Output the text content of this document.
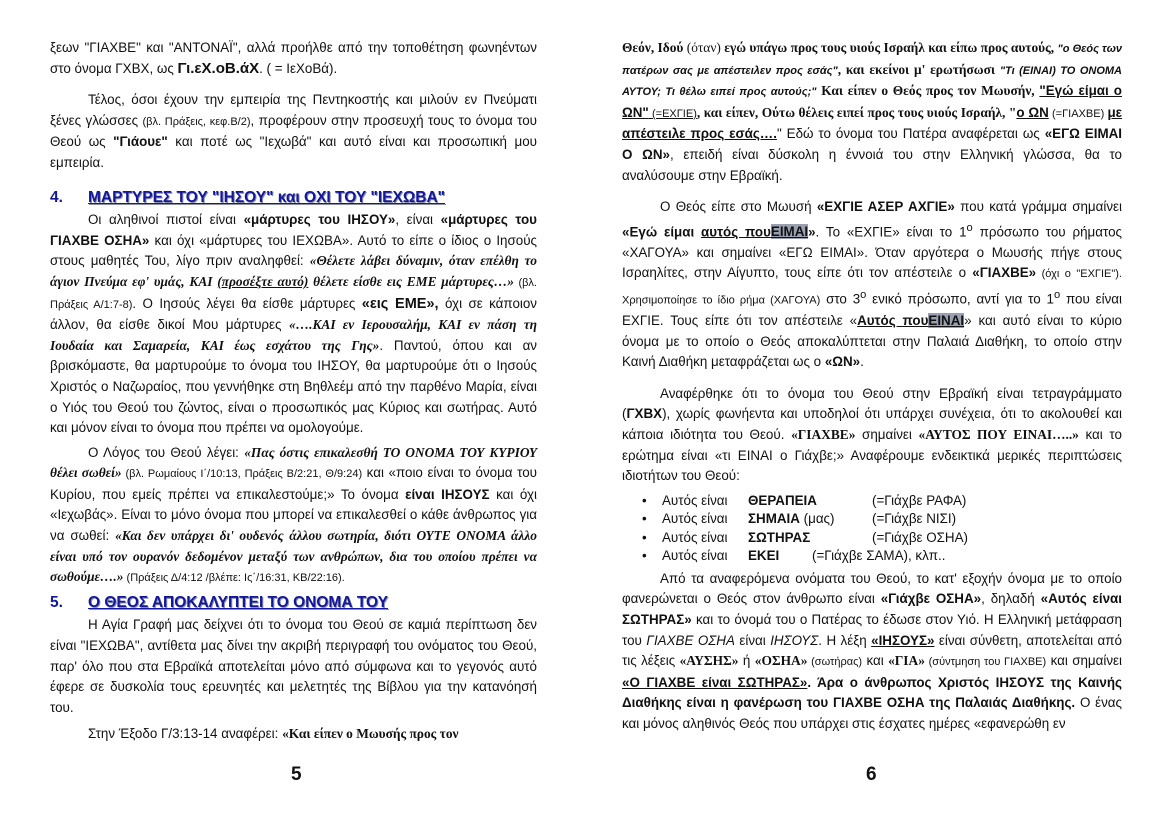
ξεων "ΓΙΑΧΒΕ" και "ΑΝΤΟΝΑΪ", αλλά προήλθε από την τοποθέτηση φωνηέντων στο όνομα ΓΧΒΧ, ως Γι.εΧ.οΒ.άΧ. ( = ΙεΧοΒά).

Τέλος, όσοι έχουν την εμπειρία της Πεντηκοστής και μιλούν εν Πνεύματι ξένες γλώσσες (βλ. Πράξεις, κεφ.Β/2), προφέρουν στην προσευχή τους το όνομα του Θεού ως "Γιάουε" και ποτέ ως "Ιεχωβά" και αυτό είναι και προσωπική μου εμπειρία.

4. ΜΑΡΤΥΡΕΣ ΤΟΥ "ΙΗΣΟΥ" και ΟΧΙ ΤΟΥ "ΙΕΧΩΒΑ"

Οι αληθινοί πιστοί είναι «μάρτυρες του ΙΗΣΟΥ», είναι «μάρτυρες του ΓΙΑΧΒΕ ΟΣΗΑ» και όχι «μάρτυρες του ΙΕΧΩΒΑ». Αυτό το είπε ο ίδιος ο Ιησούς στους μαθητές Του, λίγο πριν αναληφθεί: «Θέλετε λάβει δύναμιν, όταν επέλθη το άγιον Πνεύμα εφ' υμάς, ΚΑΙ (προσέξτε αυτό) θέλετε είσθε εις ΕΜΕ μάρτυρες…» (βλ. Πράξεις Α/1:7-8). Ο Ιησούς λέγει θα είσθε μάρτυρες «εις ΕΜΕ», όχι σε κάποιον άλλον, θα είσθε δικοί Μου μάρτυρες «….ΚΑΙ εν Ιερουσαλήμ, ΚΑΙ εν πάση τη Ιουδαία και Σαμαρεία, ΚΑΙ έως εσχάτου της Γης». Παντού, όπου και αν βρισκόμαστε, θα μαρτυρούμε το όνομα του ΙΗΣΟΥ, θα μαρτυρούμε ότι ο Ιησούς Χριστός ο Ναζωραίος, που γεννήθηκε στη Βηθλεέμ από την παρθένο Μαρία, είναι ο Υιός του Θεού του ζώντος, είναι ο προσωπικός μας Κύριος και σωτήρας. Αυτό και μόνον είναι το όνομα που πρέπει να ομολογούμε.

Ο Λόγος του Θεού λέγει: «Πας όστις επικαλεσθή ΤΟ ΟΝΟΜΑ ΤΟΥ ΚΥΡΙΟΥ θέλει σωθεί» (βλ. Ρωμαίους Ι΄/10:13, Πράξεις Β/2:21, Θ/9:24) και «ποιο είναι το όνομα του Κυρίου, που εμείς πρέπει να επικαλεστούμε;» Το όνομα είναι ΙΗΣΟΥΣ και όχι «Ιεχωβάς». Είναι το μόνο όνομα που μπορεί να επικαλεσθεί ο κάθε άνθρωπος για να σωθεί: «Και δεν υπάρχει δι' ουδενός άλλου σωτηρία, διότι ΟΥΤΕ ΟΝΟΜΑ άλλο είναι υπό τον ουρανόν δεδομένον μεταξύ των ανθρώπων, δια του οποίου πρέπει να σωθούμε….» (Πράξεις Δ/4:12 /βλέπε: Ις΄/16:31, ΚΒ/22:16).

5. Ο ΘΕΟΣ ΑΠΟΚΑΛΥΠΤΕΙ ΤΟ ΟΝΟΜΑ ΤΟΥ

Η Αγία Γραφή μας δείχνει ότι το όνομα του Θεού σε καμιά περίπτωση δεν είναι "ΙΕΧΩΒΑ", αντίθετα μας δίνει την ακριβή περιγραφή του ονόματος του Θεού, παρ' όλο που στα Εβραϊκά αποτελείται μόνο από σύμφωνα και το γεγονός αυτό έφερε σε δυσκολία τους ερευνητές και μελετητές της Βίβλου για την κατανόησή του.

Στην Έξοδο Γ/3:13-14 αναφέρει: «Και είπεν ο Μωυσής προς τον

5

Θεόν, Ιδού (όταν) εγώ υπάγω προς τους υιούς Ισραήλ και είπω προς αυτούς, "ο Θεός των πατέρων σας με απέστειλεν προς εσάς", και εκείνοι μ' ερωτήσωσι "Τι (ΕΙΝΑΙ) ΤΟ ΟΝΟΜΑ ΑΥΤΟΥ; Τι θέλω ειπεί προς αυτούς;" Και είπεν ο Θεός προς τον Μωυσήν, "Εγώ είμαι ο ΩΝ" (=ΕΧΓΙΕ), και είπεν, Ούτω θέλεις ειπεί προς τους υιούς Ισραήλ, "ο ΩΝ (=ΓΙΑΧΒΕ) με απέστειλε προς εσάς…." Εδώ το όνομα του Πατέρα αναφέρεται ως «ΕΓΩ ΕΙΜΑΙ Ο ΩΝ», επειδή είναι δύσκολη η έννοιά του στην Ελληνική γλώσσα, θα το αναλύσουμε στην Εβραϊκή.

Ο Θεός είπε στο Μωυσή «ΕΧΓΙΕ ΑΣΕΡ ΑΧΓΙΕ» που κατά γράμμα σημαίνει «Εγώ είμαι αυτός πουΕΙΜΑΙ». Το «ΕΧΓΙΕ» είναι το $1^o$ πρόσωπο του ρήματος «ΧΑΓΟΥΑ» και σημαίνει «ΕΓΩ ΕΙΜΑΙ». Όταν αργότερα ο Μωυσής πήγε στους Ισραηλίτες, στην Αίγυπτο, τους είπε ότι τον απέστειλε ο «ΓΙΑΧΒΕ» (όχι ο "ΕΧΓΙΕ"). Χρησιμοποίησε το ίδιο ρήμα (ΧΑΓΟΥΑ) στο $3^o$ ενικό πρόσωπο, αντί για το $1^o$ που είναι ΕΧΓΙΕ. Τους είπε ότι τον απέστειλε «Αυτός πουΕΙΝΑΙ» και αυτό είναι το κύριο όνομα με το οποίο ο Θεός αποκαλύπτεται στην Παλαιά Διαθήκη, το οποίο στην Καινή Διαθήκη μεταφράζεται ως ο «ΩΝ».

Αναφέρθηκε ότι το όνομα του Θεού στην Εβραϊκή είναι τετραγράμματο (ΓΧΒΧ), χωρίς φωνήεντα και υποδηλοί ότι υπάρχει συνέχεια, ότι το ακολουθεί και κάποια ιδιότητα του Θεού. «ΓΙΑΧΒΕ» σημαίνει «ΑΥΤΟΣ ΠΟΥ ΕΙΝΑΙ…..» και το ερώτημα είναι «τι ΕΙΝΑΙ ο Γιάχβε;» Αναφέρουμε ενδεικτικά μερικές περιπτώσεις ιδιοτήτων του Θεού:

• Αυτός είναι ΘΕΡΑΠΕΙΑ	(=Γιάχβε ΡΑΦΑ)
• Αυτός είναι ΣΗΜΑΙΑ (μας)	(=Γιάχβε ΝΙΣΙ)
• Αυτός είναι ΣΩΤΗΡΑΣ	(=Γιάχβε ΟΣΗΑ)
• Αυτός είναι ΕΚΕΙ (=Γιάχβε ΣΑΜΑ), κλπ..

Από τα αναφερόμενα ονόματα του Θεού, το κατ' εξοχήν όνομα με το οποίο φανερώνεται ο Θεός στον άνθρωπο είναι «Γιάχβε ΟΣΗΑ», δηλαδή «Αυτός είναι ΣΩΤΗΡΑΣ» και το όνομά του ο Πατέρας το έδωσε στον Υιό. Η Ελληνική μετάφραση του ΓΙΑΧΒΕ ΟΣΗΑ είναι ΙΗΣΟΥΣ. Η λέξη «ΙΗΣΟΥΣ» είναι σύνθετη, αποτελείται από τις λέξεις «ΑΥΣΗΣ» ή «ΟΣΗΑ» (σωτήρας) και «ΓΙΑ» (σύντμηση του ΓΙΑΧΒΕ) και σημαίνει «Ο ΓΙΑΧΒΕ είναι ΣΩΤΗΡΑΣ». Άρα ο άνθρωπος Χριστός ΙΗΣΟΥΣ της Καινής Διαθήκης είναι η φανέρωση του ΓΙΑΧΒΕ ΟΣΗΑ της Παλαιάς Διαθήκης. Ο ένας και μόνος αληθινός Θεός που υπάρχει στις έσχατες ημέρες «εφανερώθη εν

6
